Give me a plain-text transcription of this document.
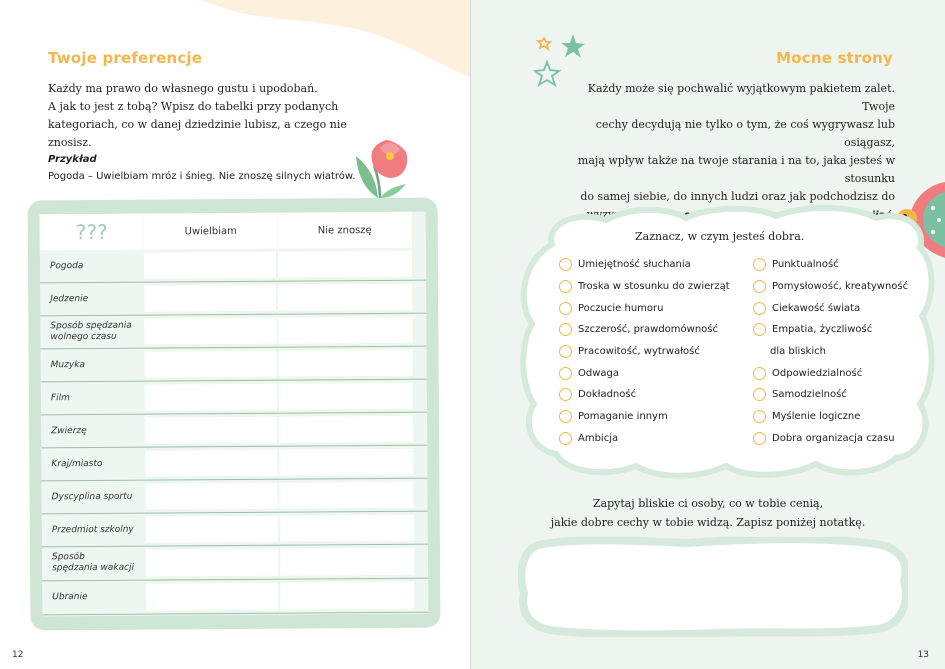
Twoje preferencje
Każdy ma prawo do własnego gustu i upodobań.
A jak to jest z tobą? Wpisz do tabelki przy podanych
kategoriach, co w danej dziedzinie lubisz, a czego nie znosisz.
Przykład
Pogoda – Uwielbiam mróz i śnieg. Nie znoszę silnych wiatrów.
???	Uwielbiam	Nie znoszę
Pogoda
Jedzenie
Sposób spędzania
wolnego czasu
Muzyka
Film
Zwierzę
Kraj/miasto
Dyscyplina sportu
Przedmiot szkolny
Sposób
spędzania wakacji
Ubranie
12
Mocne strony
Każdy może się pochwalić wyjątkowym pakietem zalet. Twoje
cechy decydują nie tylko o tym, że coś wygrywasz lub osiągasz,
mają wpływ także na twoje starania i na to, jaka jesteś w stosunku
do samej siebie, do innych ludzi oraz jak podchodzisz do
Zaznacz, w czym jesteś dobra.
Umiejętność słuchania
Troska w stosunku do zwierząt
Poczucie humoru
Szczerość, prawdomówność
Pracowitość, wytrwałość
Odwaga
Dokładność
Pomaganie innym
Ambicja
Punktualność
Pomysłowość, kreatywność
Ciekawość świata
Empatia, życzliwość
dla bliskich
Odpowiedzialność
Samodzielność
Myślenie logiczne
Dobra organizacja czasu
Zapytaj bliskie ci osoby, co w tobie cenią,
jakie dobre cechy w tobie widzą. Zapisz poniżej notatkę.
13
